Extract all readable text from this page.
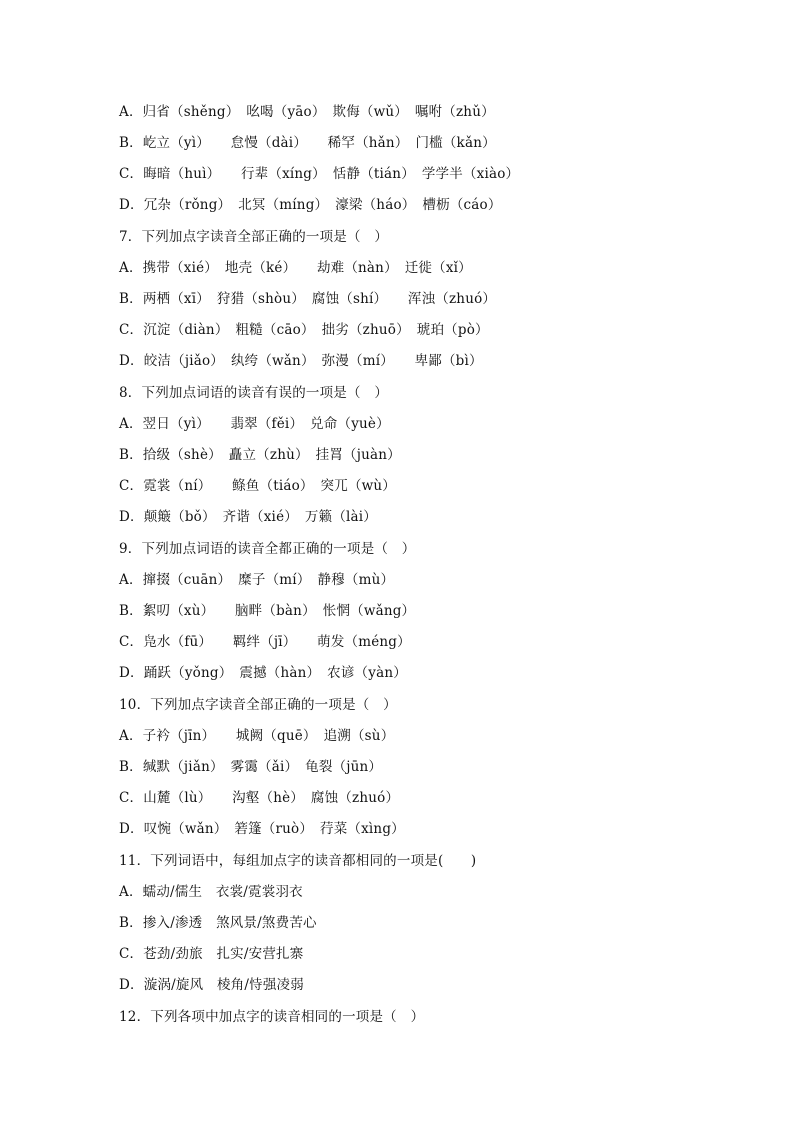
A．归省（shěng）　吆喝（yāo）　欺侮（wǔ）　嘱咐（zhǔ）
B．屹立（yì）　　怠慢（dài）　　稀罕（hǎn）　门槛（kǎn）
C．晦暗（huì）　　行辈（xíng）　恬静（tián）　学学半（xiào）
D．冗杂（rǒng）　北冥（míng）　濠梁（háo）　槽枥（cáo）
7．下列加点字读音全部正确的一项是（　）
A．携带（xié）　地壳（ké）　　劫难（nàn）　迁徙（xǐ）
B．两栖（xī）　狩猎（shòu）　腐蚀（shí）　　浑浊（zhuó）
C．沉淀（diàn）　粗糙（cāo）　拙劣（zhuō）　琥珀（pò）
D．皎洁（jiǎo）　纨绔（wǎn）　弥漫（mí）　　卑鄙（bì）
8．下列加点词语的读音有误的一项是（　）
A．翌日（yì）　　翡翠（fěi）　兑命（yuè）
B．拾级（shè）　矗立（zhù）　挂罥（juàn）
C．霓裳（ní）　　鲦鱼（tiáo）　突兀（wù）
D．颠簸（bǒ）　齐谐（xié）　万籁（lài）
9．下列加点词语的读音全都正确的一项是（　）
A．撺掇（cuān）　糜子（mí）　静穆（mù）
B．絮叨（xù）　　脑畔（bàn）　怅惘（wǎng）
C．凫水（fū）　　羁绊（jī）　　萌发（méng）
D．踊跃（yǒng）　震撼（hàn）　农谚（yàn）
10．下列加点字读音全部正确的一项是（　）
A．子衿（jīn）　　城阙（quē）　追溯（sù）
B．缄默（jiǎn）　雾霭（ǎi）　龟裂（jūn）
C．山麓（lù）　　沟壑（hè）　腐蚀（zhuó）
D．叹惋（wǎn）　箬篷（ruò）　荇菜（xìng）
11．下列词语中，每组加点字的读音都相同的一项是(　　)
A．蠕动/儒生　衣裳/霓裳羽衣
B．掺入/渗透　煞风景/煞费苦心
C．苍劲/劲旅　扎实/安营扎寨
D．漩涡/旋风　棱角/恃强凌弱
12．下列各项中加点字的读音相同的一项是（　）
